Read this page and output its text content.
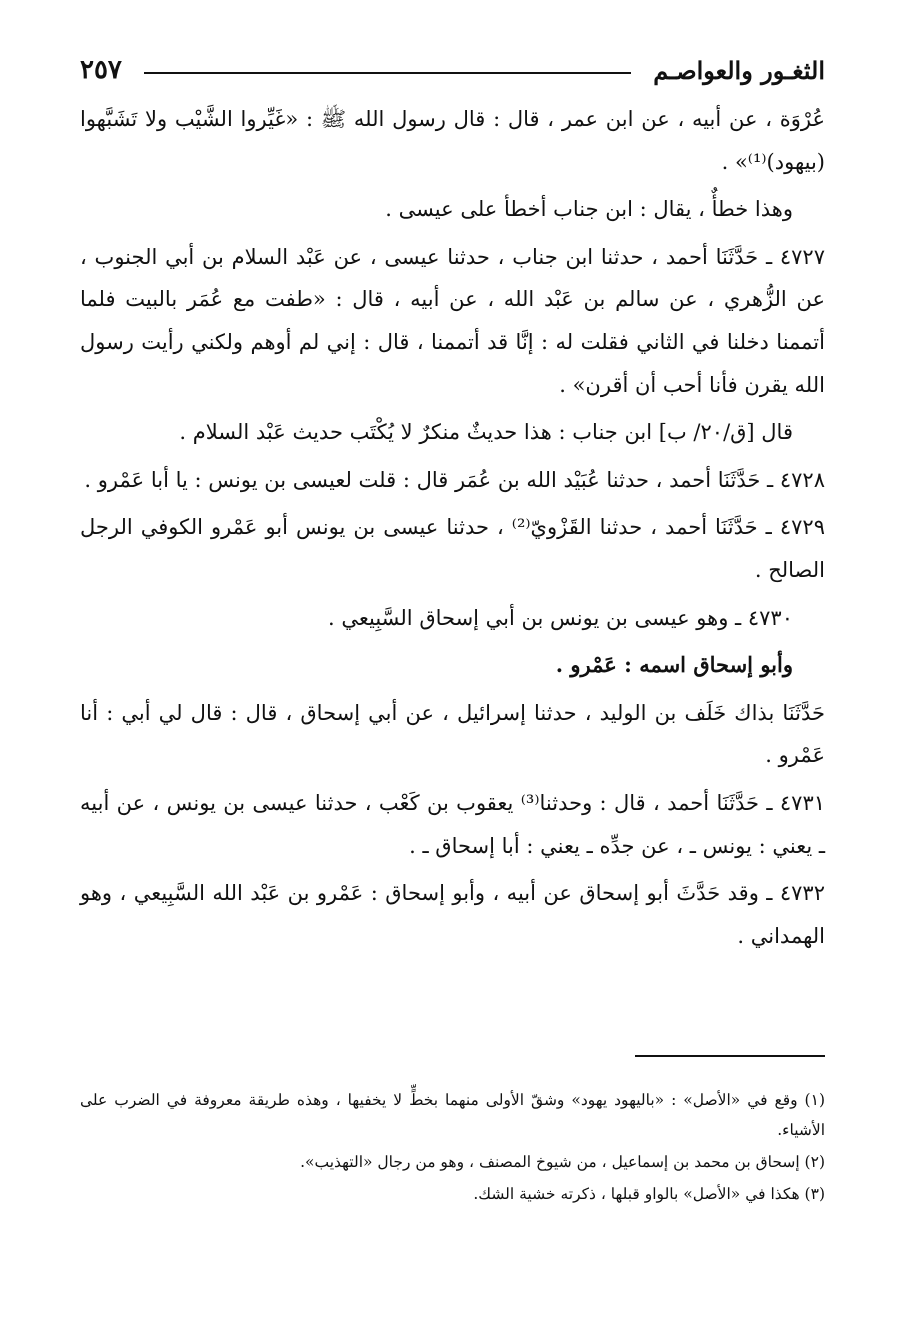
الثغـور والعواصـم
٢٥٧

عُرْوَة ، عن أبيه ، عن ابن عمر ، قال : قال رسول الله ﷺ : «غَيِّروا الشَّيْب ولا تَشَبَّهوا (بيهود)⁽¹⁾» .

وهذا خطأٌ ، يقال : ابن جناب أخطأ على عيسى .

٤٧٢٧ ـ حَدَّثَنَا أحمد ، حدثنا ابن جناب ، حدثنا عيسى ، عن عَبْد السلام بن أبي الجنوب ، عن الزُّهري ، عن سالم بن عَبْد الله ، عن أبيه ، قال : «طفت مع عُمَر بالبيت فلما أتممنا دخلنا في الثاني فقلت له : إنَّا قد أتممنا ، قال : إني لم أوهم ولكني رأيت رسول الله يقرن فأنا أحب أن أقرن» .

قال [ق/٢٠/ ب] ابن جناب : هذا حديثٌ منكرٌ لا يُكْتَب حديث عَبْد السلام .

٤٧٢٨ ـ حَدَّثَنَا أحمد ، حدثنا عُبَيْد الله بن عُمَر قال : قلت لعيسى بن يونس : يا أبا عَمْرو .

٤٧٢٩ ـ حَدَّثَنَا أحمد ، حدثنا القَزْويّ⁽²⁾ ، حدثنا عيسى بن يونس أبو عَمْرو الكوفي الرجل الصالح .

٤٧٣٠ ـ وهو عيسى بن يونس بن أبي إسحاق السَّبِيعي .

وأبو إسحاق اسمه : عَمْرو .

حَدَّثَنَا بذاك خَلَف بن الوليد ، حدثنا إسرائيل ، عن أبي إسحاق ، قال : قال لي أبي : أنا عَمْرو .

٤٧٣١ ـ حَدَّثَنَا أحمد ، قال : وحدثنا⁽³⁾ يعقوب بن كَعْب ، حدثنا عيسى بن يونس ، عن أبيه ـ يعني : يونس ـ ، عن جدِّه ـ يعني : أبا إسحاق ـ .

٤٧٣٢ ـ وقد حَدَّثَ أبو إسحاق عن أبيه ، وأبو إسحاق : عَمْرو بن عَبْد الله السَّبِيعي ، وهو الهمداني .

(١) وقع في «الأصل» : «باليهود يهود» وشقّ الأولى منهما بخطٍّ لا يخفيها ، وهذه طريقة معروفة في الضرب على الأشياء.

(٢) إسحاق بن محمد بن إسماعيل ، من شيوخ المصنف ، وهو من رجال «التهذيب».

(٣) هكذا في «الأصل» بالواو قبلها ، ذكرته خشية الشك.
